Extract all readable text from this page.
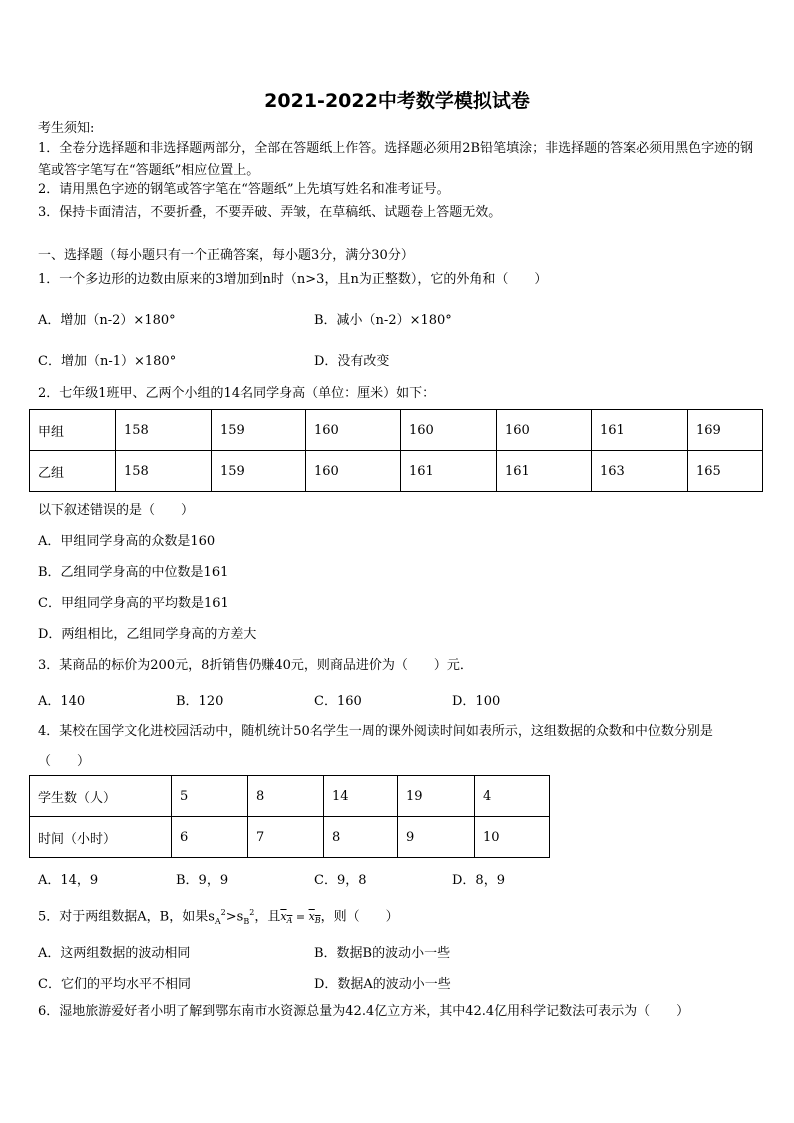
2021-2022中考数学模拟试卷
考生须知:
1．全卷分选择题和非选择题两部分，全部在答题纸上作答。选择题必须用2B铅笔填涂；非选择题的答案必须用黑色字迹的钢笔或答字笔写在“答题纸”相应位置上。
2．请用黑色字迹的钢笔或答字笔在“答题纸”上先填写姓名和准考证号。
3．保持卡面清洁，不要折叠，不要弄破、弄皱，在草稿纸、试题卷上答题无效。
一、选择题（每小题只有一个正确答案，每小题3分，满分30分）
1．一个多边形的边数由原来的3增加到n时（n>3，且n为正整数），它的外角和（　　）
A．增加（n-2）×180°	B．减小（n-2）×180°
C．增加（n-1）×180°	D．没有改变
2．七年级1班甲、乙两个小组的14名同学身高（单位：厘米）如下：
甲组	158	159	160	160	160	161	169
乙组	158	159	160	161	161	163	165
以下叙述错误的是（　　）
A．甲组同学身高的众数是160
B．乙组同学身高的中位数是161
C．甲组同学身高的平均数是161
D．两组相比，乙组同学身高的方差大
3．某商品的标价为200元，8折销售仍赚40元，则商品进价为（　　）元．
A．140	B．120	C．160	D．100
4．某校在国学文化进校园活动中，随机统计50名学生一周的课外阅读时间如表所示，这组数据的众数和中位数分别是（　　）
学生数（人）	5	8	14	19	4
时间（小时）	6	7	8	9	10
A．14，9	B．9，9	C．9，8	D．8，9
5．对于两组数据A，B，如果$s_A^2>s_B^2$，且$x_A = x_B$，则（　　）
A．这两组数据的波动相同	B．数据B的波动小一些
C．它们的平均水平不相同	D．数据A的波动小一些
6．湿地旅游爱好者小明了解到鄂东南市水资源总量为42.4亿立方米，其中42.4亿用科学记数法可表示为（　　）
